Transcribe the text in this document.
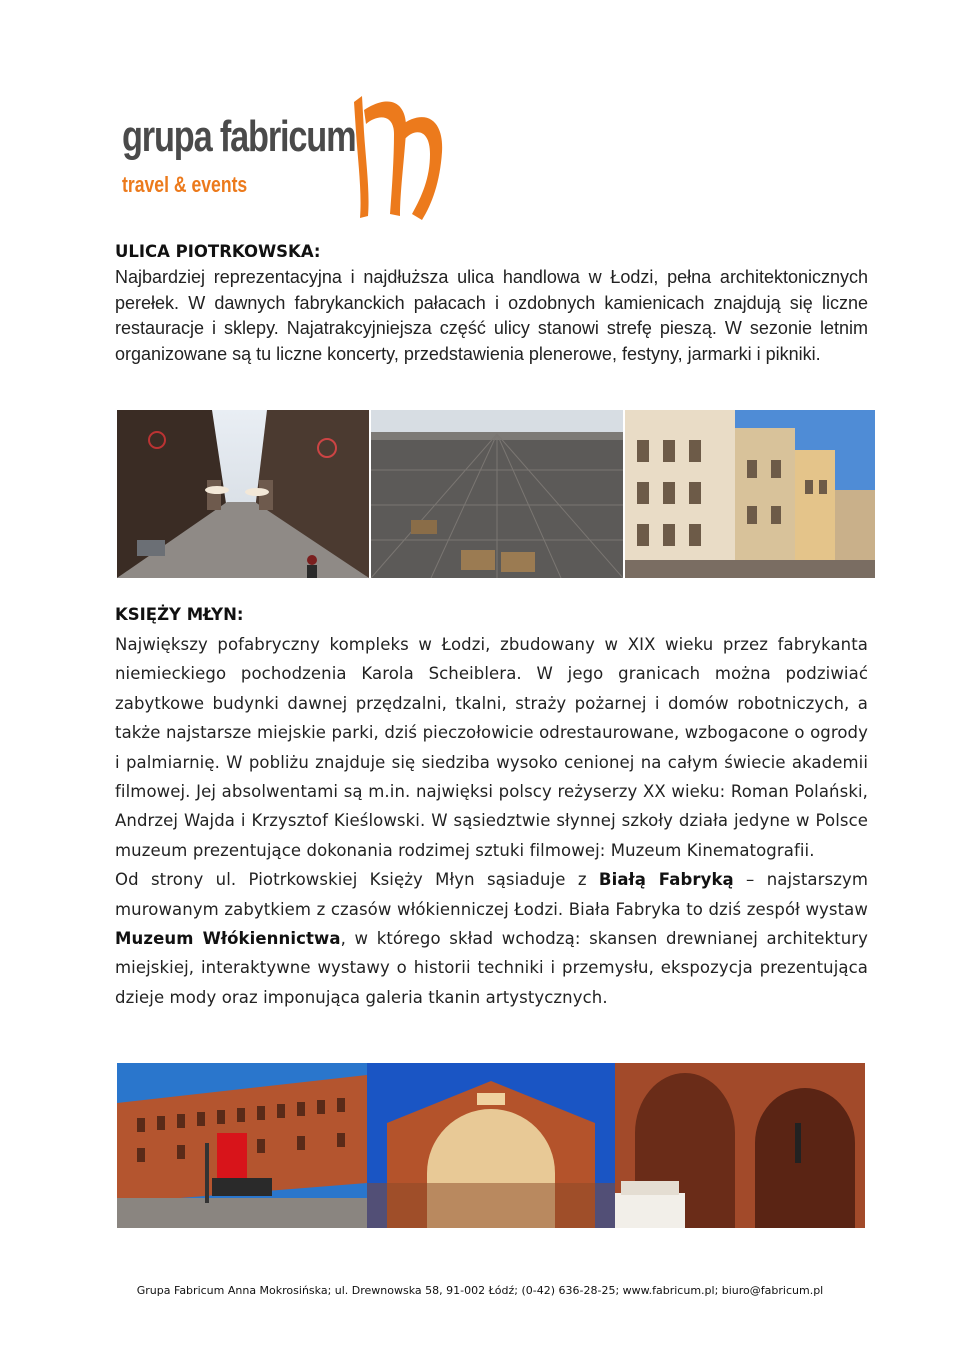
grupa fabricum
travel & events
ULICA PIOTRKOWSKA:

Najbardziej reprezentacyjna i najdłuższa ulica handlowa w Łodzi, pełna architektonicznych perełek. W dawnych fabrykanckich pałacach i ozdobnych kamienicach znajdują się liczne restauracje i sklepy. Najatrakcyjniejsza część ulicy stanowi strefę pieszą. W sezonie letnim organizowane są tu liczne koncerty, przedstawienia plenerowe, festyny, jarmarki i pikniki.

KSIĘŻY MŁYN:

Największy pofabryczny kompleks w Łodzi, zbudowany w XIX wieku przez fabrykanta niemieckiego pochodzenia Karola Scheiblera. W jego granicach można podziwiać zabytkowe budynki dawnej przędzalni, tkalni, straży pożarnej i domów robotniczych, a także najstarsze miejskie parki, dziś pieczołowicie odrestaurowane, wzbogacone o ogrody i palmiarnię. W pobliżu znajduje się siedziba wysoko cenionej na całym świecie akademii filmowej. Jej absolwentami są m.in. najwięksi polscy reżyserzy XX wieku: Roman Polański, Andrzej Wajda i Krzysztof Kieślowski. W sąsiedztwie słynnej szkoły działa jedyne w Polsce muzeum prezentujące dokonania rodzimej sztuki filmowej: Muzeum Kinematografii.

Od strony ul. Piotrkowskiej Księży Młyn sąsiaduje z Białą Fabryką – najstarszym murowanym zabytkiem z czasów włókienniczej Łodzi. Biała Fabryka to dziś zespół wystaw Muzeum Włókiennictwa, w którego skład wchodzą: skansen drewnianej architektury miejskiej, interaktywne wystawy o historii techniki i przemysłu, ekspozycja prezentująca dzieje mody oraz imponująca galeria tkanin artystycznych.

Grupa Fabricum Anna Mokrosińska; ul. Drewnowska 58, 91-002 Łódź; (0-42) 636-28-25; www.fabricum.pl; biuro@fabricum.pl
